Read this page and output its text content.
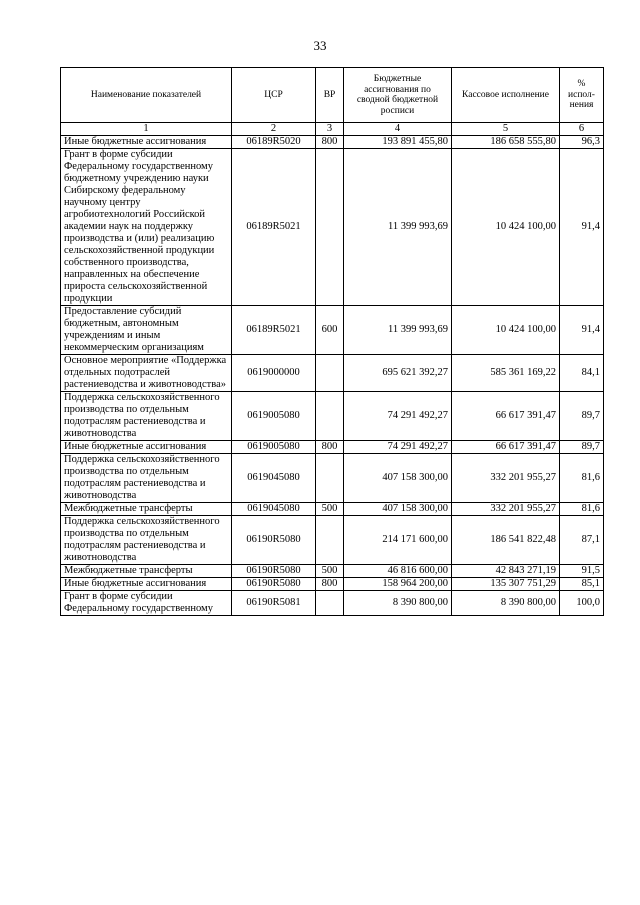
33
Наименование показателей	ЦСР	ВР	Бюджетные ассигнования по сводной бюджетной росписи	Кассовое исполнение	% испол-нения
1	2	3	4	5	6
Иные бюджетные ассигнования	06189R5020	800	193 891 455,80	186 658 555,80	96,3
Грант в форме субсидии Федеральному государственному бюджетному учреждению науки Сибирскому федеральному научному центру агробиотехнологий Российской академии наук на поддержку производства и (или) реализацию сельскохозяйственной продукции собственного производства, направленных на обеспечение прироста сельскохозяйственной продукции	06189R5021		11 399 993,69	10 424 100,00	91,4
Предоставление субсидий бюджетным, автономным учреждениям и иным некоммерческим организациям	06189R5021	600	11 399 993,69	10 424 100,00	91,4
Основное мероприятие «Поддержка отдельных подотраслей растениеводства и животноводства»	0619000000		695 621 392,27	585 361 169,22	84,1
Поддержка сельскохозяйственного производства по отдельным подотраслям растениеводства и животноводства	0619005080		74 291 492,27	66 617 391,47	89,7
Иные бюджетные ассигнования	0619005080	800	74 291 492,27	66 617 391,47	89,7
Поддержка сельскохозяйственного производства по отдельным подотраслям растениеводства и животноводства	0619045080		407 158 300,00	332 201 955,27	81,6
Межбюджетные трансферты	0619045080	500	407 158 300,00	332 201 955,27	81,6
Поддержка сельскохозяйственного производства по отдельным подотраслям растениеводства и животноводства	06190R5080		214 171 600,00	186 541 822,48	87,1
Межбюджетные трансферты	06190R5080	500	46 816 600,00	42 843 271,19	91,5
Иные бюджетные ассигнования	06190R5080	800	158 964 200,00	135 307 751,29	85,1
Грант в форме субсидии Федеральному государственному	06190R5081		8 390 800,00	8 390 800,00	100,0
